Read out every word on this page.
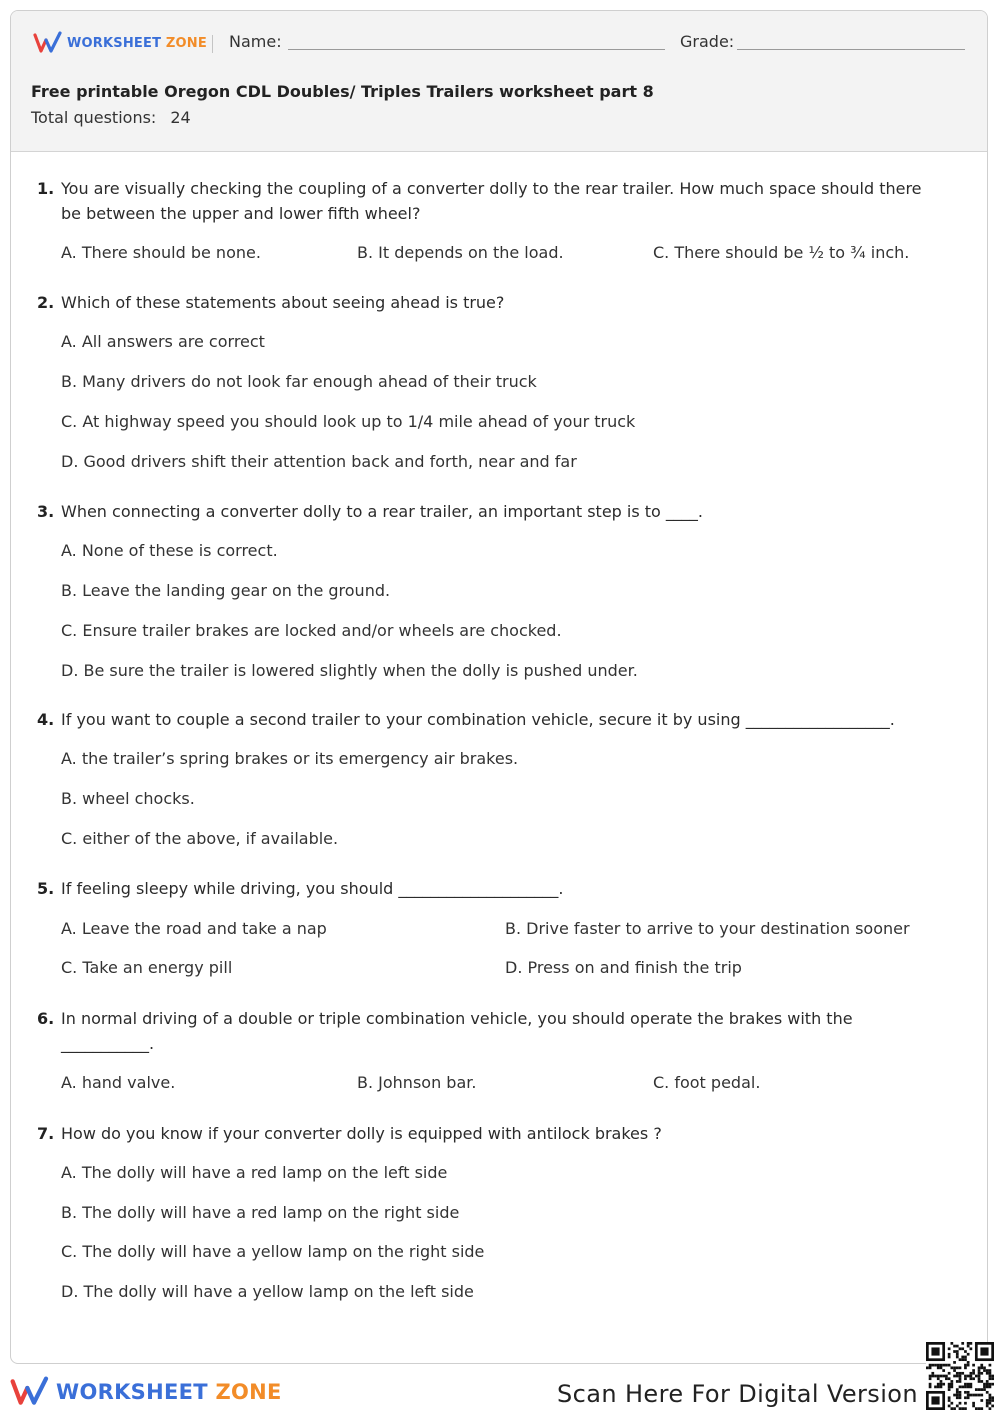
WORKSHEET ZONE Name:	Grade:
Free printable Oregon CDL Doubles/ Triples Trailers worksheet part 8
Total questions: 24
1. You are visually checking the coupling of a converter dolly to the rear trailer. How much space should there be between the upper and lower fifth wheel?
A. There should be none.	B. It depends on the load.	C. There should be ½ to ¾ inch.
2. Which of these statements about seeing ahead is true?
A. All answers are correct
B. Many drivers do not look far enough ahead of their truck
C. At highway speed you should look up to 1/4 mile ahead of your truck
D. Good drivers shift their attention back and forth, near and far
3. When connecting a converter dolly to a rear trailer, an important step is to ____.
A. None of these is correct.
B. Leave the landing gear on the ground.
C. Ensure trailer brakes are locked and/or wheels are chocked.
D. Be sure the trailer is lowered slightly when the dolly is pushed under.
4. If you want to couple a second trailer to your combination vehicle, secure it by using __________________.
A. the trailer’s spring brakes or its emergency air brakes.
B. wheel chocks.
C. either of the above, if available.
5. If feeling sleepy while driving, you should ____________________.
A. Leave the road and take a nap	B. Drive faster to arrive to your destination sooner
C. Take an energy pill	D. Press on and finish the trip
6. In normal driving of a double or triple combination vehicle, you should operate the brakes with the ___________.
A. hand valve.	B. Johnson bar.	C. foot pedal.
7. How do you know if your converter dolly is equipped with antilock brakes ?
A. The dolly will have a red lamp on the left side
B. The dolly will have a red lamp on the right side
C. The dolly will have a yellow lamp on the right side
D. The dolly will have a yellow lamp on the left side
WORKSHEET ZONE	Scan Here For Digital Version
